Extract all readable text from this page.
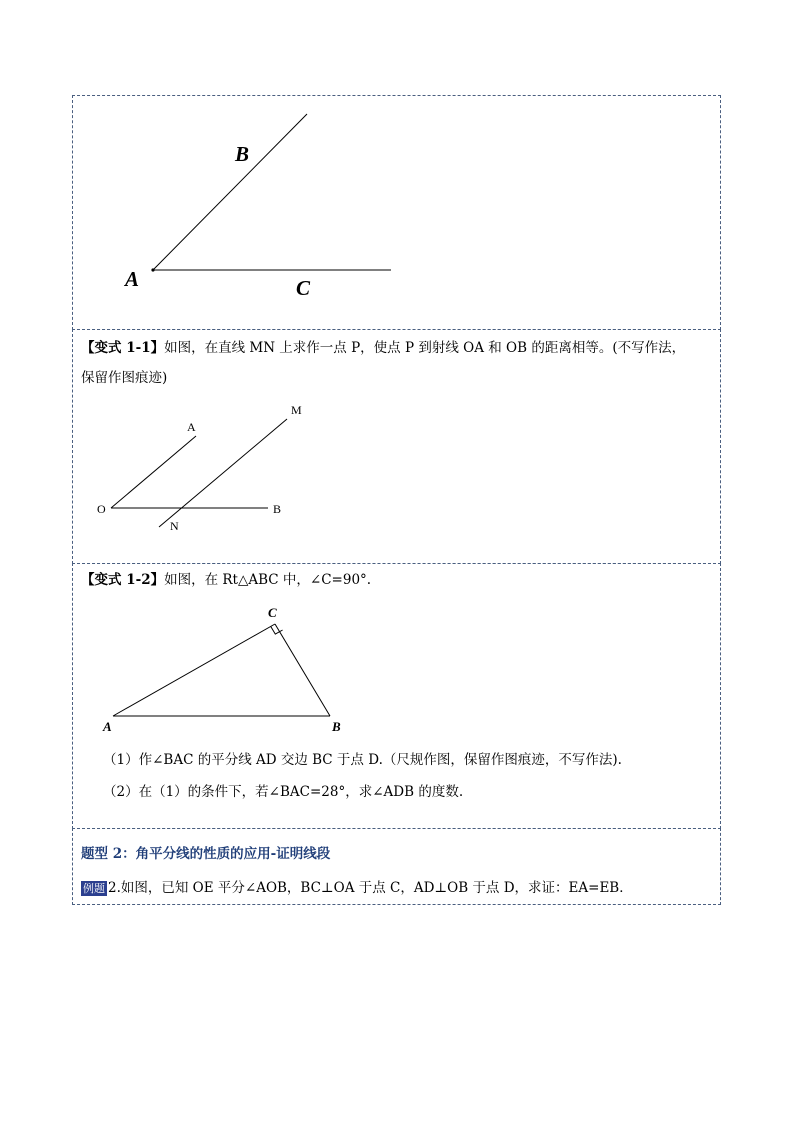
B
A	C
【变式 1-1】如图，在直线 MN 上求作一点 P，使点 P 到射线 OA 和 OB 的距离相等。(不写作法，
保留作图痕迹)
A
M
O	B
N
【变式 1-2】如图，在 Rt△ABC 中，∠C=90°.
C
A	B
（1）作∠BAC 的平分线 AD 交边 BC 于点 D.（尺规作图，保留作图痕迹，不写作法).
（2）在（1）的条件下，若∠BAC=28°，求∠ADB 的度数.
题型 2：角平分线的性质的应用-证明线段
例题 2.如图，已知 OE 平分∠AOB，BC⊥OA 于点 C，AD⊥OB 于点 D，求证：EA=EB．
